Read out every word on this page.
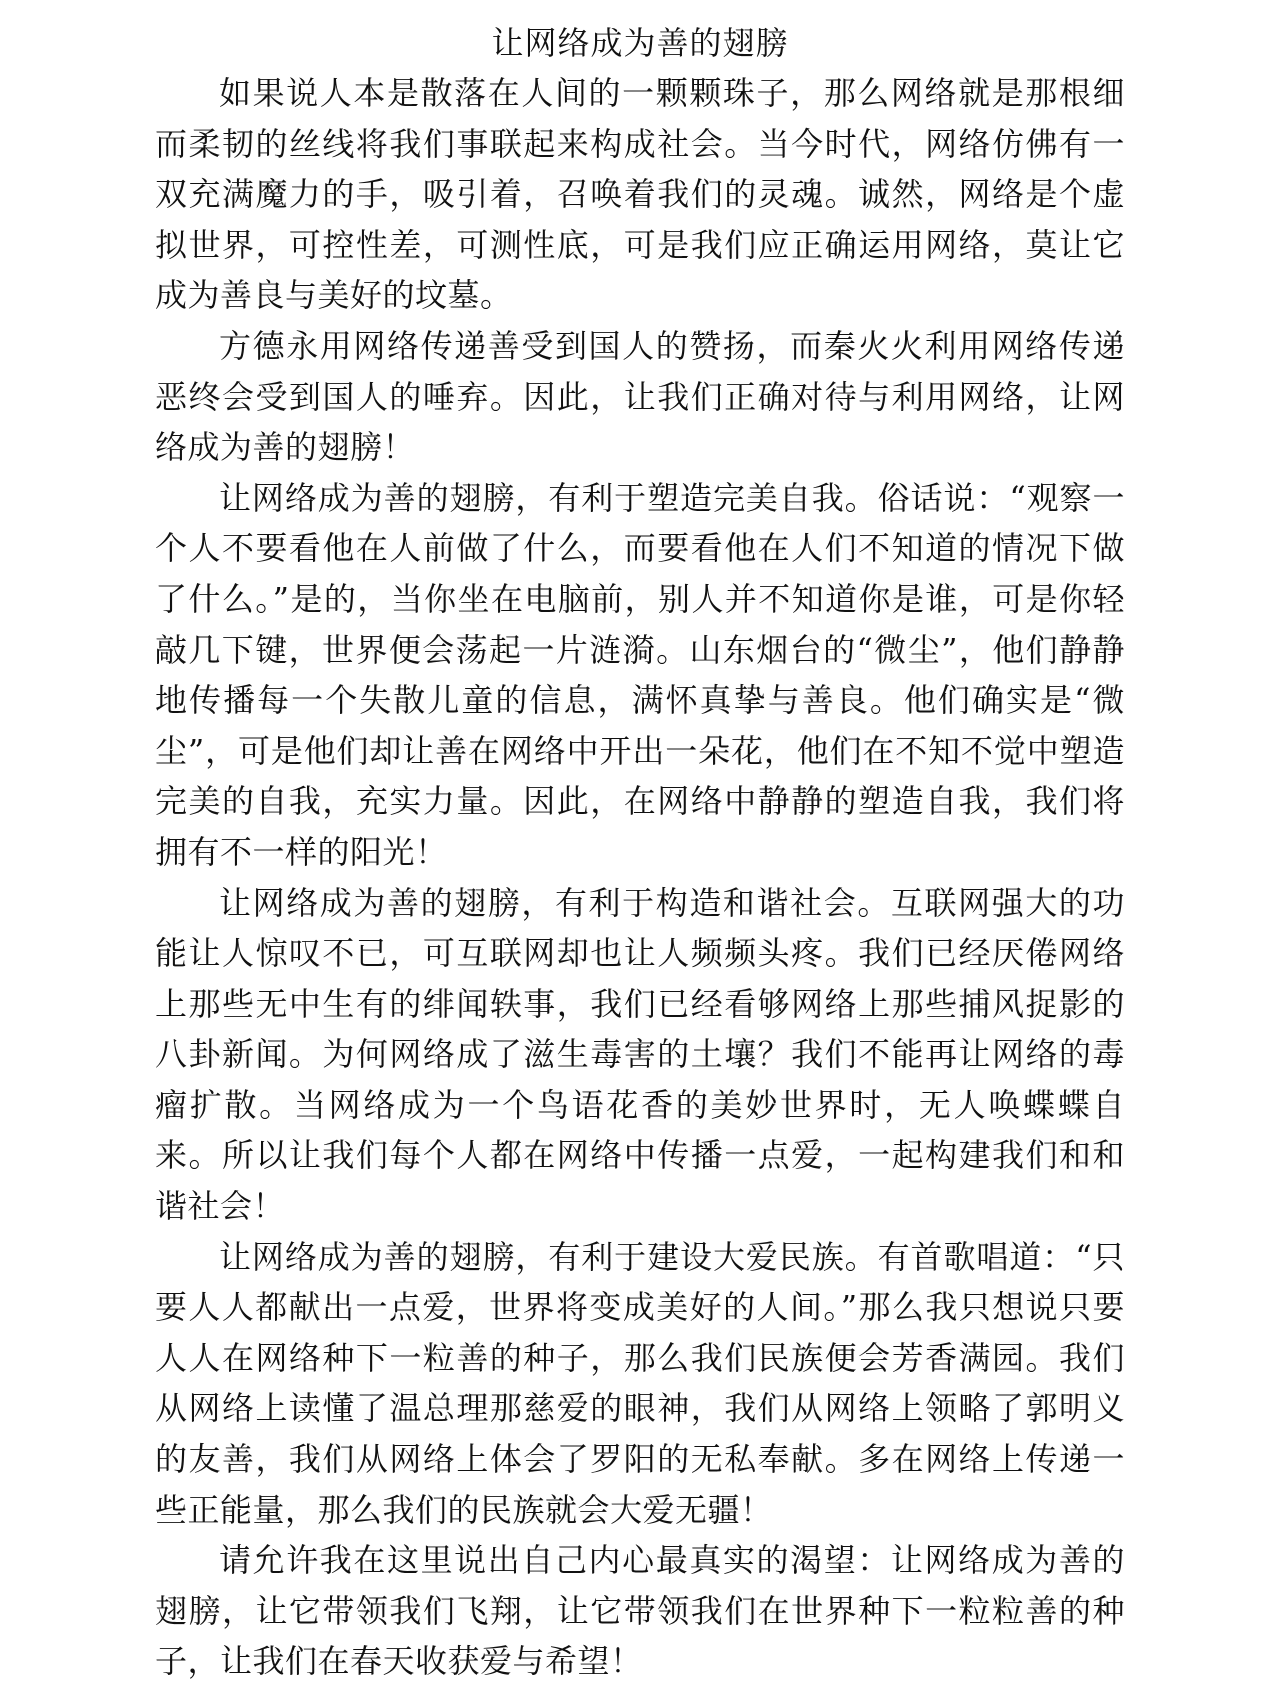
让网络成为善的翅膀

如果说人本是散落在人间的一颗颗珠子，那么网络就是那根细而柔韧的丝线将我们事联起来构成社会。当今时代，网络仿佛有一双充满魔力的手，吸引着，召唤着我们的灵魂。诚然，网络是个虚拟世界，可控性差，可测性底，可是我们应正确运用网络，莫让它成为善良与美好的坟墓。

方德永用网络传递善受到国人的赞扬，而秦火火利用网络传递恶终会受到国人的唾弃。因此，让我们正确对待与利用网络，让网络成为善的翅膀！

让网络成为善的翅膀，有利于塑造完美自我。俗话说：“观察一个人不要看他在人前做了什么，而要看他在人们不知道的情况下做了什么。”是的，当你坐在电脑前，别人并不知道你是谁，可是你轻敲几下键，世界便会荡起一片涟漪。山东烟台的“微尘”，他们静静地传播每一个失散儿童的信息，满怀真挚与善良。他们确实是“微尘”，可是他们却让善在网络中开出一朵花，他们在不知不觉中塑造完美的自我，充实力量。因此，在网络中静静的塑造自我，我们将拥有不一样的阳光！

让网络成为善的翅膀，有利于构造和谐社会。互联网强大的功能让人惊叹不已，可互联网却也让人频频头疼。我们已经厌倦网络上那些无中生有的绯闻轶事，我们已经看够网络上那些捕风捉影的八卦新闻。为何网络成了滋生毒害的土壤？我们不能再让网络的毒瘤扩散。当网络成为一个鸟语花香的美妙世界时，无人唤蝶蝶自来。所以让我们每个人都在网络中传播一点爱，一起构建我们和和谐社会！

让网络成为善的翅膀，有利于建设大爱民族。有首歌唱道：“只要人人都献出一点爱，世界将变成美好的人间。”那么我只想说只要人人在网络种下一粒善的种子，那么我们民族便会芳香满园。我们从网络上读懂了温总理那慈爱的眼神，我们从网络上领略了郭明义的友善，我们从网络上体会了罗阳的无私奉献。多在网络上传递一些正能量，那么我们的民族就会大爱无疆！

请允许我在这里说出自己内心最真实的渴望：让网络成为善的翅膀，让它带领我们飞翔，让它带领我们在世界种下一粒粒善的种子，让我们在春天收获爱与希望！
